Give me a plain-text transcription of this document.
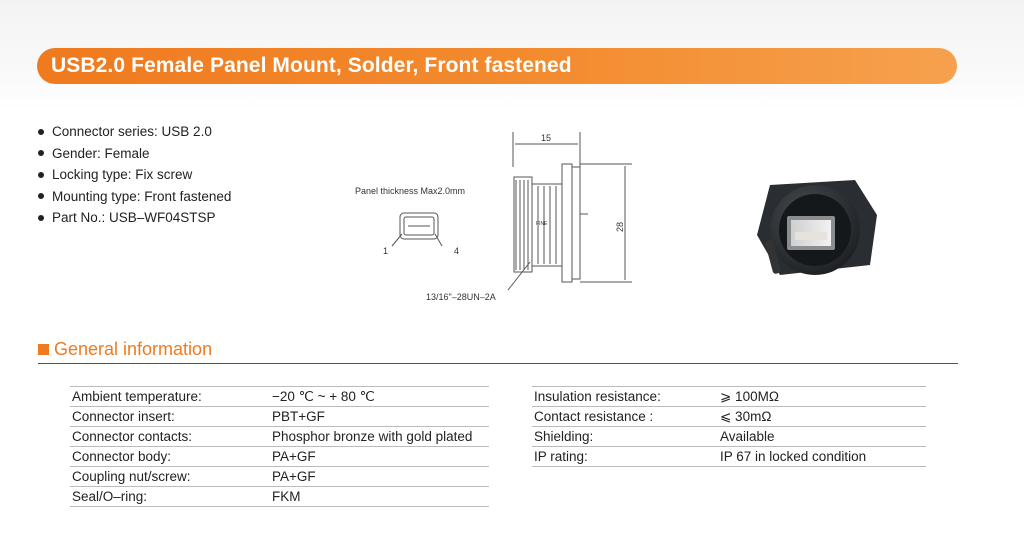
USB2.0 Female Panel Mount, Solder, Front fastened
Connector series: USB 2.0
Gender: Female
Locking type: Fix screw
Mounting type: Front fastened
Part No.: USB–WF04STSP
Panel thickness Max2.0mm
1	4
15
28
13/16"–28UN–2A
FINE
General information
Ambient temperature:	−20 ℃ ~ + 80 ℃
Connector insert:	PBT+GF
Connector contacts:	Phosphor bronze with gold plated
Connector body:	PA+GF
Coupling nut/screw:	PA+GF
Seal/O–ring:	FKM
Insulation resistance:	⩾ 100MΩ
Contact resistance :	⩽ 30mΩ
Shielding:	Available
IP rating:	IP 67 in locked condition
